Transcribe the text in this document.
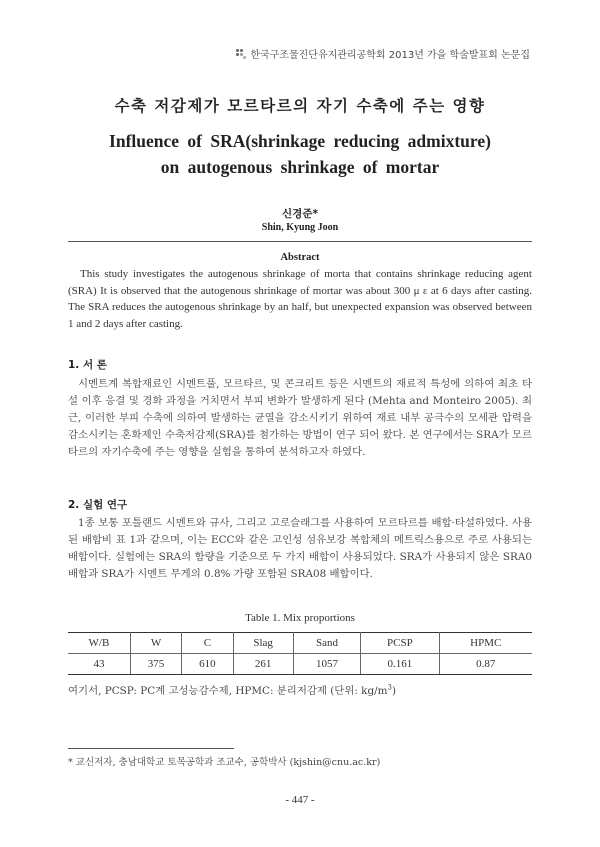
한국구조물진단유지관리공학회 2013년 가을 학술발표회 논문집
수축 저감제가 모르타르의 자기 수축에 주는 영향
Influence of SRA(shrinkage reducing admixture)
on autogenous shrinkage of mortar
신경준*
Shin, Kyung Joon
Abstract

This study investigates the autogenous shrinkage of morta that contains shrinkage reducing agent (SRA) It is observed that the autogenous shrinkage of mortar was about 300 μ ε at 6 days after casting. The SRA reduces the autogenous shrinkage by an half, but unexpected expansion was observed between 1 and 2 days after casting.

1. 서 론

시멘트계 복합재료인 시멘트풀, 모르타르, 및 콘크리트 등은 시멘트의 재료적 특성에 의하여 최초 타설 이후 응결 및 경화 과정을 거치면서 부피 변화가 발생하게 된다 (Mehta and Monteiro 2005). 최근, 이러한 부피 수축에 의하여 발생하는 균열을 감소시키기 위하여 재료 내부 공극수의 모세관 압력을 감소시키는 혼화제인 수축저감제(SRA)를 첨가하는 방법이 연구 되어 왔다. 본 연구에서는 SRA가 모르타르의 자기수축에 주는 영향을 실험을 통하여 분석하고자 하였다.

2. 실험 연구

1종 보통 포틀랜드 시멘트와 규사, 그리고 고로슬래그를 사용하여 모르타르를 배합·타설하였다. 사용된 배합비 표 1과 같으며, 이는 ECC와 같은 고인성 섬유보강 복합체의 메트릭스용으로 주로 사용되는 배합이다. 실험에는 SRA의 함량을 기준으로 두 가지 배합이 사용되었다. SRA가 사용되지 않은 SRA0 배합과 SRA가 시멘트 무게의 0.8% 가량 포함된 SRA08 배합이다.

Table 1. Mix proportions
W/B	W	C	Slag	Sand	PCSP	HPMC
43	375	610	261	1057	0.161	0.87
여기서, PCSP: PC계 고성능감수제, HPMC: 분리저감제 (단위: $kg/m^3$)
* 교신저자, 충남대학교 토목공학과 조교수, 공학박사 (kjshin@cnu.ac.kr)
- 447 -
